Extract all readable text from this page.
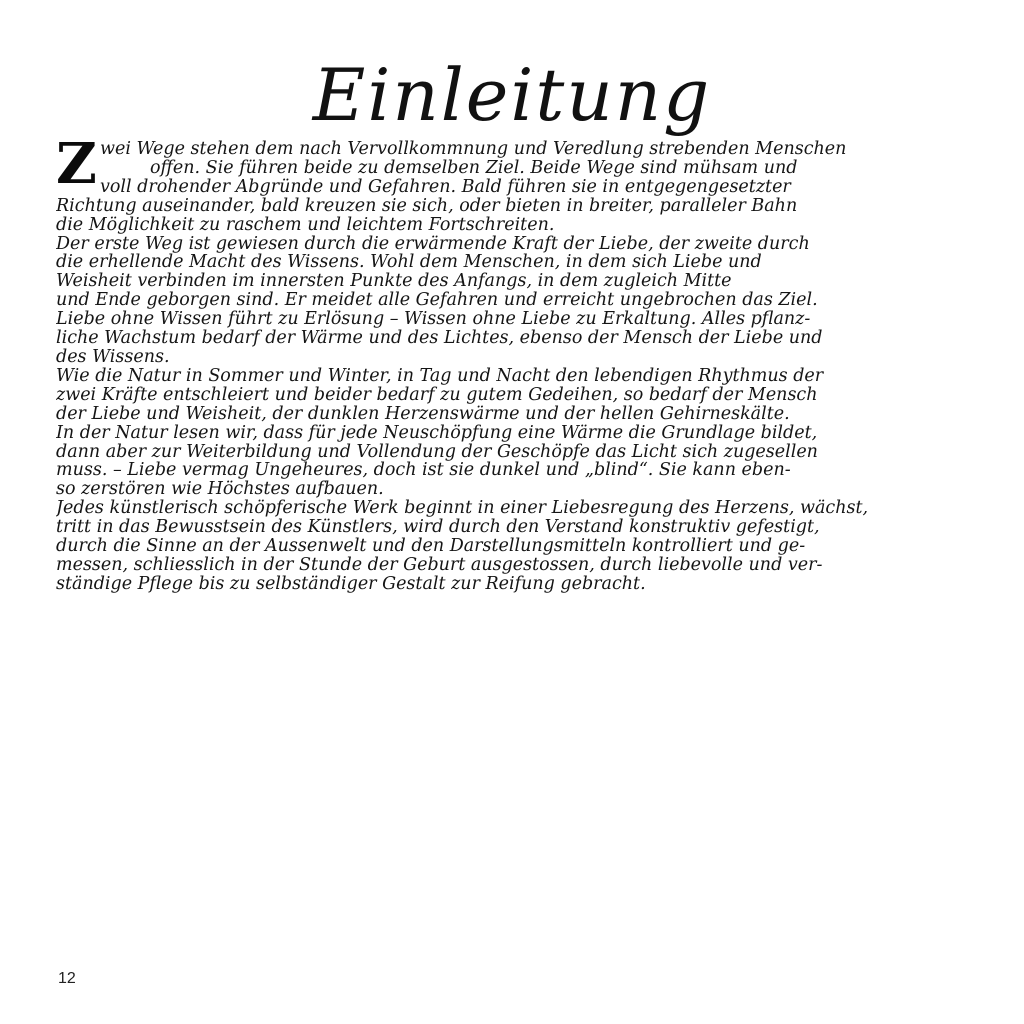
Einleitung
Z wei Wege stehen dem nach Vervollkommnung und Veredlung strebenden Menschen
offen. Sie führen beide zu demselben Ziel. Beide Wege sind mühsam und
voll drohender Abgründe und Gefahren. Bald führen sie in entgegengesetzter
Richtung auseinander, bald kreuzen sie sich, oder bieten in breiter, paralleler Bahn
die Möglichkeit zu raschem und leichtem Fortschreiten.
Der erste Weg ist gewiesen durch die erwärmende Kraft der Liebe, der zweite durch
die erhellende Macht des Wissens. Wohl dem Menschen, in dem sich Liebe und
Weisheit verbinden im innersten Punkte des Anfangs, in dem zugleich Mitte
und Ende geborgen sind. Er meidet alle Gefahren und erreicht ungebrochen das Ziel.
Liebe ohne Wissen führt zu Erlösung – Wissen ohne Liebe zu Erkaltung. Alles pflanz-
liche Wachstum bedarf der Wärme und des Lichtes, ebenso der Mensch der Liebe und
des Wissens.
Wie die Natur in Sommer und Winter, in Tag und Nacht den lebendigen Rhythmus der
zwei Kräfte entschleiert und beider bedarf zu gutem Gedeihen, so bedarf der Mensch
der Liebe und Weisheit, der dunklen Herzenswärme und der hellen Gehirneskälte.
In der Natur lesen wir, dass für jede Neuschöpfung eine Wärme die Grundlage bildet,
dann aber zur Weiterbildung und Vollendung der Geschöpfe das Licht sich zugesellen
muss. – Liebe vermag Ungeheures, doch ist sie dunkel und „blind“. Sie kann eben-
so zerstören wie Höchstes aufbauen.
Jedes künstlerisch schöpferische Werk beginnt in einer Liebesregung des Herzens, wächst,
tritt in das Bewusstsein des Künstlers, wird durch den Verstand konstruktiv gefestigt,
durch die Sinne an der Aussenwelt und den Darstellungsmitteln kontrolliert und ge-
messen, schliesslich in der Stunde der Geburt ausgestossen, durch liebevolle und ver-
ständige Pflege bis zu selbständiger Gestalt zur Reifung gebracht.
12
